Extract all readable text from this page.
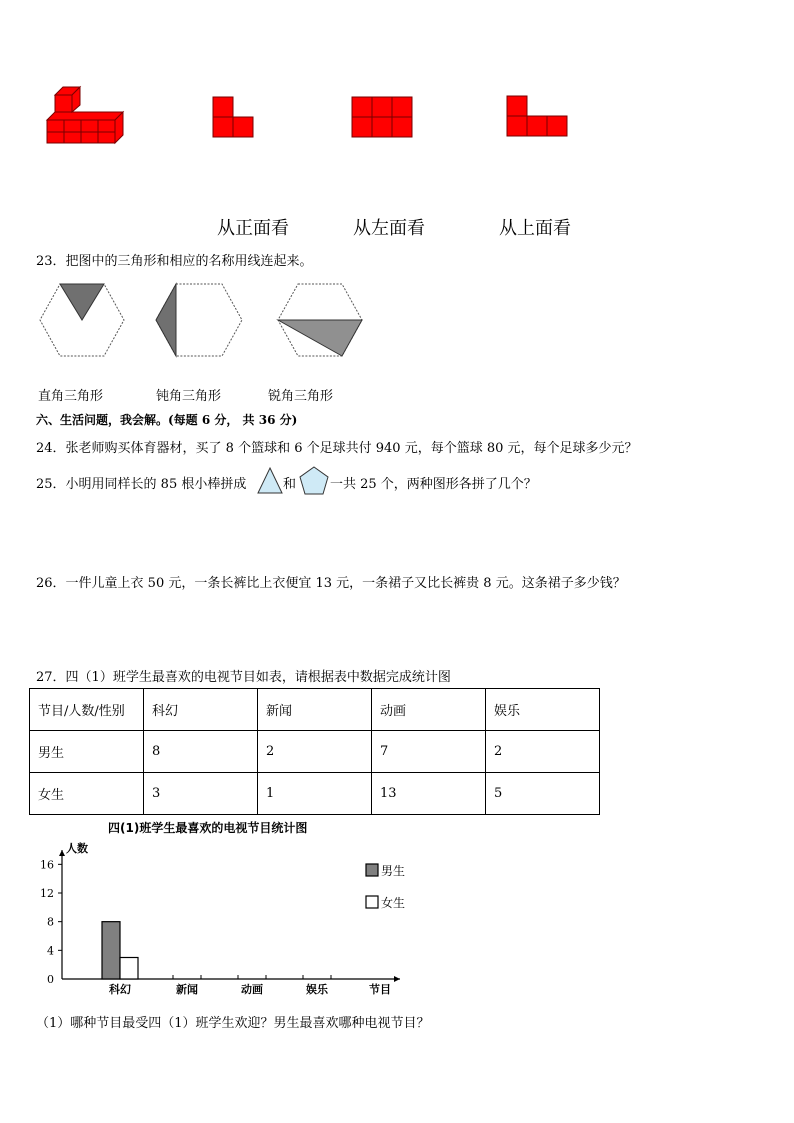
从正面看	从左面看	从上面看
23．把图中的三角形和相应的名称用线连起来。
直角三角形	钝角三角形	锐角三角形
六、生活问题，我会解。(每题 6 分， 共 36 分)
24．张老师购买体育器材，买了 8 个篮球和 6 个足球共付 940 元，每个篮球 80 元，每个足球多少元？
25．小明用同样长的 85 根小棒拼成	和	一共 25 个，两种图形各拼了几个？
26．一件儿童上衣 50 元，一条长裤比上衣便宜 13 元，一条裙子又比长裤贵 8 元。这条裙子多少钱？
27．四（1）班学生最喜欢的电视节目如表，请根据表中数据完成统计图
节目/人数/性别	科幻	新闻	动画	娱乐
男生	8	2	7	2
女生	3	1	13	5
四(1)班学生最喜欢的电视节目统计图
人数
0
4
8
12
16
科幻	新闻	动画	娱乐	节目
男生
女生
（1）哪种节目最受四（1）班学生欢迎？男生最喜欢哪种电视节目？
